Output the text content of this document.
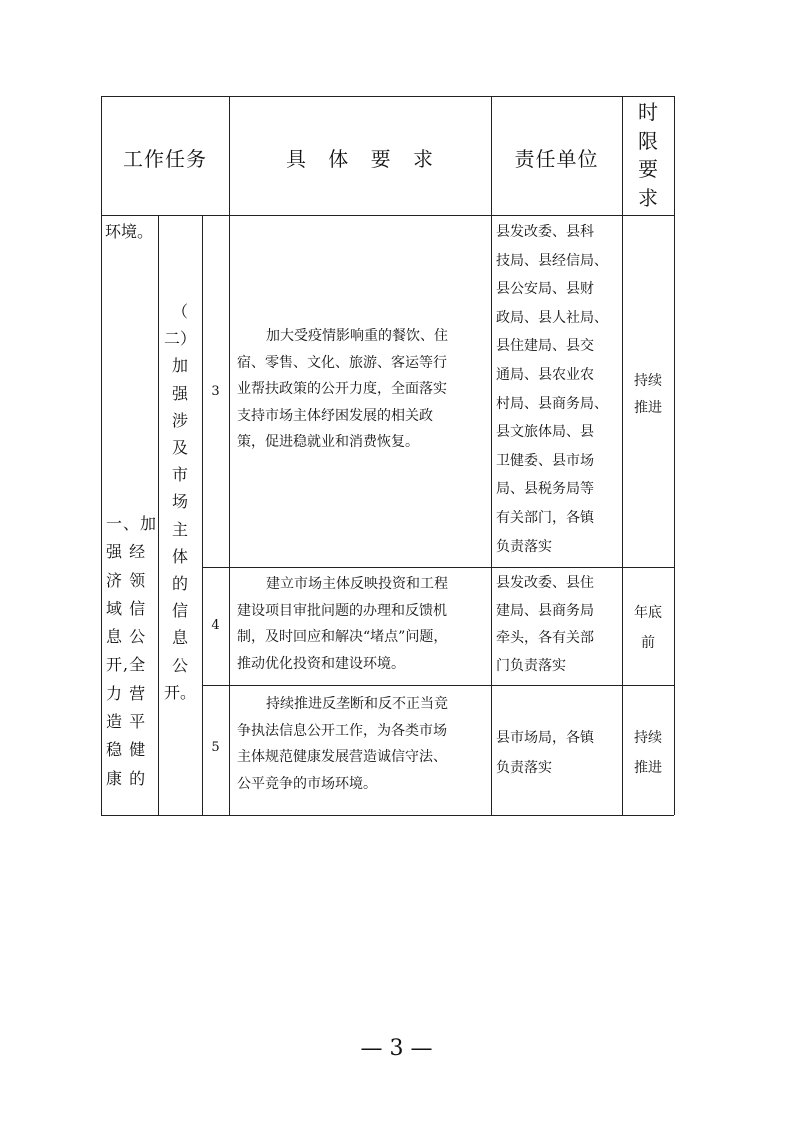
工作任务	具 体 要 求	责任单位
时
限
要
求
环境。
一、加
强 经
济 领
域 信
息 公
开,全
力 营
造 平
稳 健
康 的
（
二）
加
强
涉
及
市
场
主
体
的
信
息
公
开。
3
加大受疫情影响重的餐饮、住
宿、零售、文化、旅游、客运等行
业帮扶政策的公开力度，全面落实
支持市场主体纾困发展的相关政
策，促进稳就业和消费恢复。
县发改委、县科
技局、县经信局、
县公安局、县财
政局、县人社局、
县住建局、县交
通局、县农业农
村局、县商务局、
县文旅体局、县
卫健委、县市场
局、县税务局等
有关部门，各镇
负责落实
持续
推进
4
建立市场主体反映投资和工程
建设项目审批问题的办理和反馈机
制，及时回应和解决“堵点”问题，
推动优化投资和建设环境。
县发改委、县住
建局、县商务局
牵头，各有关部
门负责落实
年底
前
5
持续推进反垄断和反不正当竞
争执法信息公开工作，为各类市场
主体规范健康发展营造诚信守法、
公平竞争的市场环境。
县市场局，各镇
负责落实
持续
推进
— 3 —
